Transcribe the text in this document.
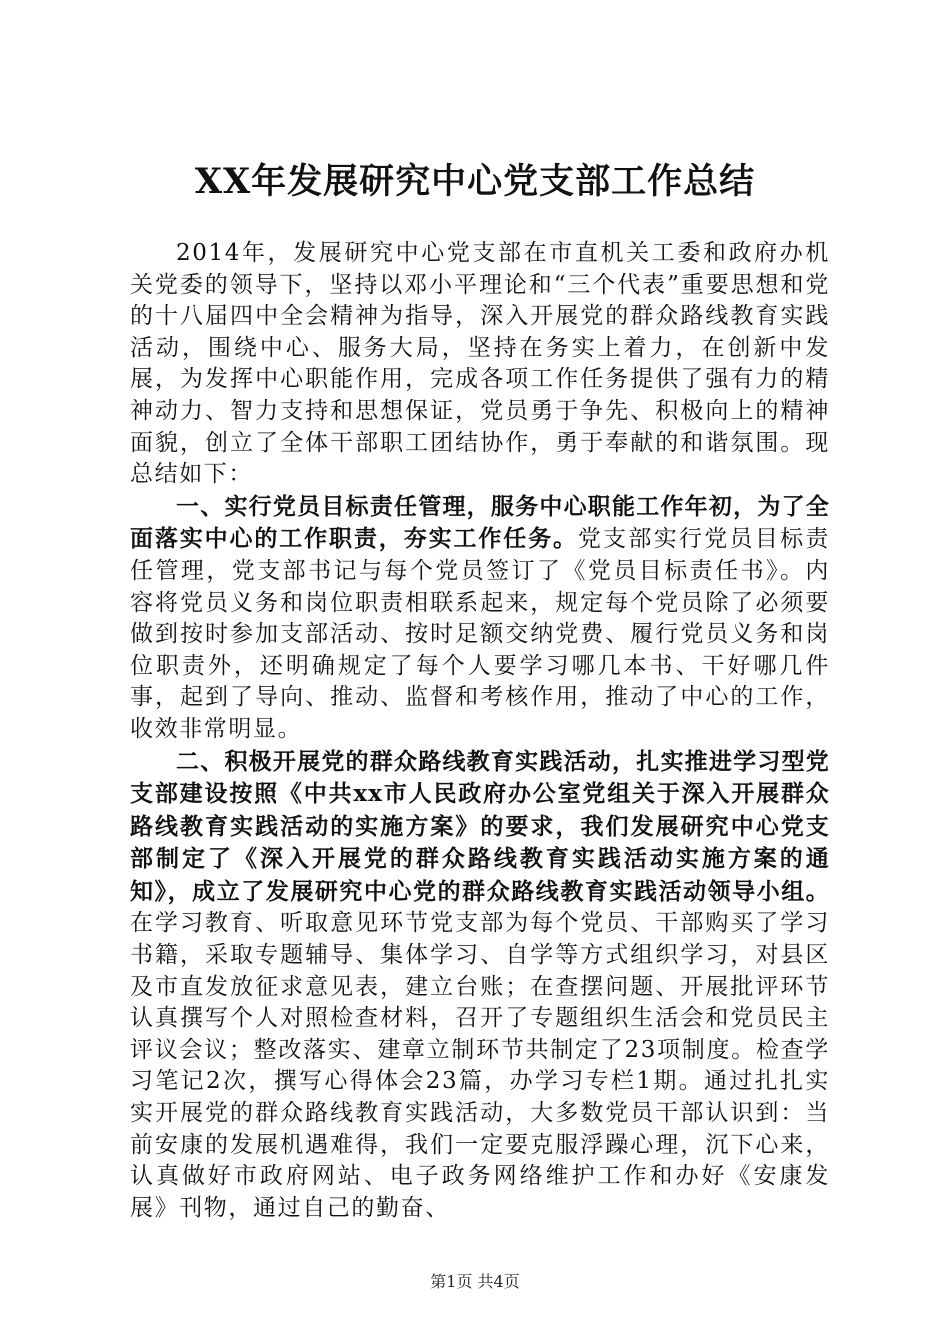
XX年发展研究中心党支部工作总结

2014年，发展研究中心党支部在市直机关工委和政府办机关党委的领导下，坚持以邓小平理论和“三个代表”重要思想和党的十八届四中全会精神为指导，深入开展党的群众路线教育实践活动，围绕中心、服务大局，坚持在务实上着力，在创新中发展，为发挥中心职能作用，完成各项工作任务提供了强有力的精神动力、智力支持和思想保证，党员勇于争先、积极向上的精神面貌，创立了全体干部职工团结协作，勇于奉献的和谐氛围。现总结如下：

一、实行党员目标责任管理，服务中心职能工作年初，为了全面落实中心的工作职责，夯实工作任务。党支部实行党员目标责任管理，党支部书记与每个党员签订了《党员目标责任书》。内容将党员义务和岗位职责相联系起来，规定每个党员除了必须要做到按时参加支部活动、按时足额交纳党费、履行党员义务和岗位职责外，还明确规定了每个人要学习哪几本书、干好哪几件事，起到了导向、推动、监督和考核作用，推动了中心的工作，收效非常明显。

二、积极开展党的群众路线教育实践活动，扎实推进学习型党支部建设按照《中共xx市人民政府办公室党组关于深入开展群众路线教育实践活动的实施方案》的要求，我们发展研究中心党支部制定了《深入开展党的群众路线教育实践活动实施方案的通知》，成立了发展研究中心党的群众路线教育实践活动领导小组。在学习教育、听取意见环节党支部为每个党员、干部购买了学习书籍，采取专题辅导、集体学习、自学等方式组织学习，对县区及市直发放征求意见表，建立台账；在查摆问题、开展批评环节认真撰写个人对照检查材料，召开了专题组织生活会和党员民主评议会议；整改落实、建章立制环节共制定了23项制度。检查学习笔记2次，撰写心得体会23篇，办学习专栏1期。通过扎扎实实开展党的群众路线教育实践活动，大多数党员干部认识到：当前安康的发展机遇难得，我们一定要克服浮躁心理，沉下心来，认真做好市政府网站、电子政务网络维护工作和办好《安康发展》刊物，通过自己的勤奋、

第1页 共4页
